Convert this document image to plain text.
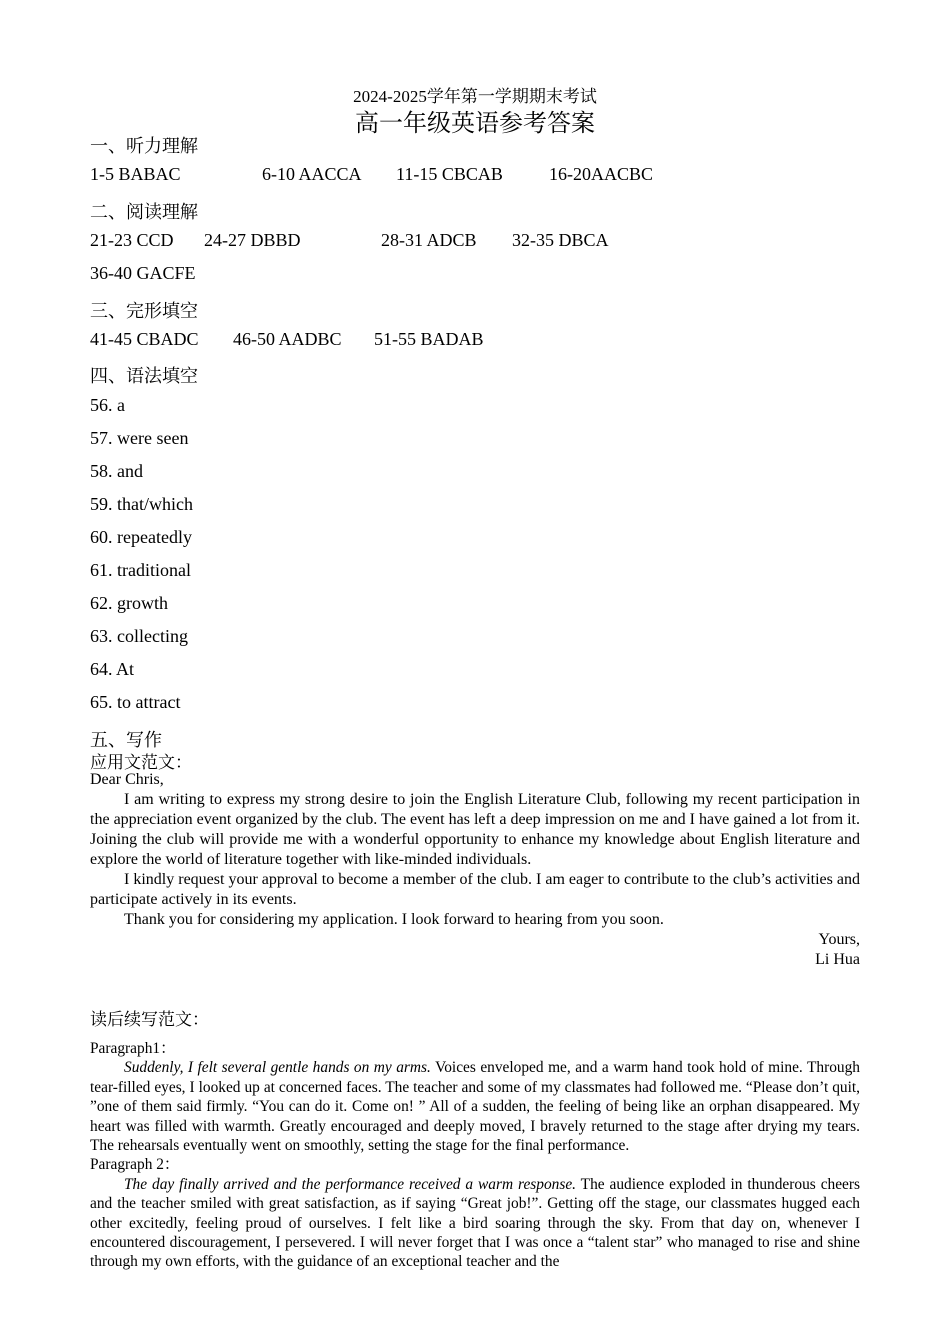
2024-2025学年第一学期期末考试
高一年级英语参考答案
一、听力理解
1-5 BABAC	6-10 AACCA 11-15 CBCAB	16-20AACBC
二、阅读理解
21-23 CCD 24-27 DBBD	28-31 ADCB 32-35 DBCA
36-40 GACFE
三、完形填空
41-45 CBADC 46-50 AADBC 51-55 BADAB
四、语法填空
56. a
57. were seen
58. and
59. that/which
60. repeatedly
61. traditional
62. growth
63. collecting
64. At
65. to attract
五、写作
应用文范文：

Dear Chris,

I am writing to express my strong desire to join the English Literature Club, following my recent participation in the appreciation event organized by the club. The event has left a deep impression on me and I have gained a lot from it. Joining the club will provide me with a wonderful opportunity to enhance my knowledge about English literature and explore the world of literature together with like-minded individuals.

I kindly request your approval to become a member of the club. I am eager to contribute to the club’s activities and participate actively in its events.

Thank you for considering my application. I look forward to hearing from you soon.

Yours,

Li Hua

读后续写范文：

Paragraph1：

Suddenly, I felt several gentle hands on my arms. Voices enveloped me, and a warm hand took hold of mine. Through tear-filled eyes, I looked up at concerned faces. The teacher and some of my classmates had followed me. “Please don’t quit, ”one of them said firmly. “You can do it. Come on! ” All of a sudden, the feeling of being like an orphan disappeared. My heart was filled with warmth. Greatly encouraged and deeply moved, I bravely returned to the stage after drying my tears. The rehearsals eventually went on smoothly, setting the stage for the final performance.

Paragraph 2：

The day finally arrived and the performance received a warm response. The audience exploded in thunderous cheers and the teacher smiled with great satisfaction, as if saying “Great job!”. Getting off the stage, our classmates hugged each other excitedly, feeling proud of ourselves. I felt like a bird soaring through the sky. From that day on, whenever I encountered discouragement, I persevered. I will never forget that I was once a “talent star” who managed to rise and shine through my own efforts, with the guidance of an exceptional teacher and the
